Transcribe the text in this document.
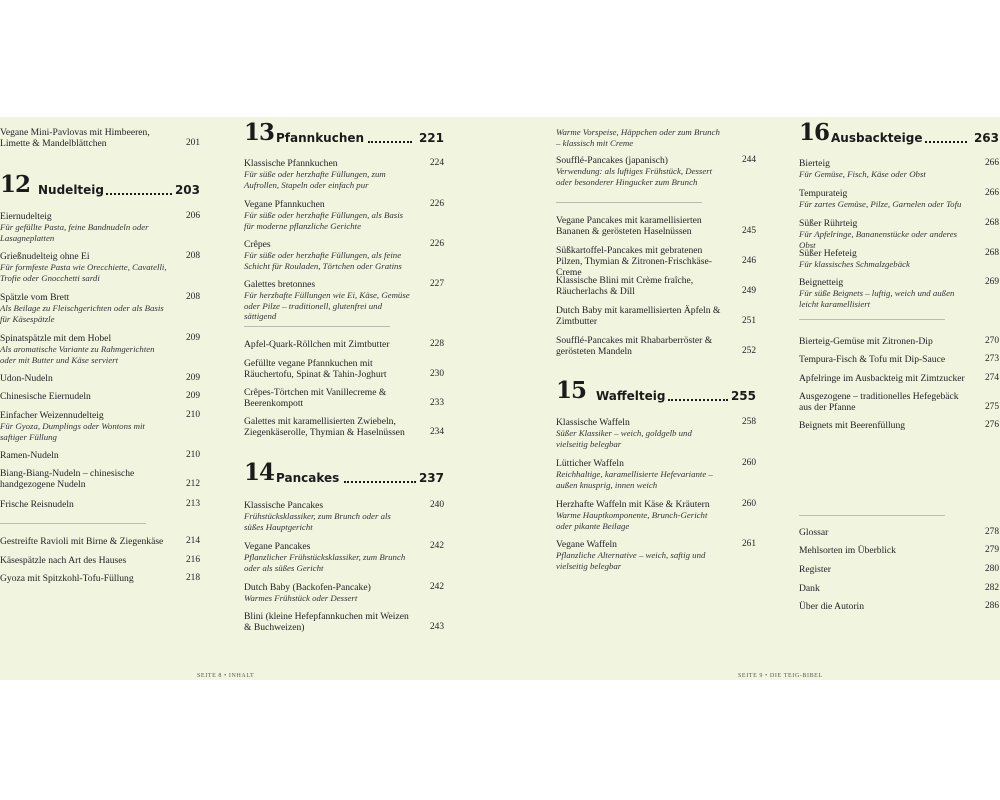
Vegane Mini-Pavlovas mit Himbeeren, Limette & Mandelblättchen	201
12 Nudelteig	203
Eiernudelteig
Für gefüllte Pasta, feine Bandnudeln oder Lasagneplatten
206
Grießnudelteig ohne Ei
Für formfeste Pasta wie Orecchiette, Cavatelli, Trofie oder Gnocchetti sardi
208
Spätzle vom Brett
Als Beilage zu Fleischgerichten oder als Basis für Käsespätzle
208
Spinatspätzle mit dem Hobel
Als aromatische Variante zu Rahmgerichten oder mit Butter und Käse serviert
209
Udon-Nudeln	209
Chinesische Eiernudeln	209
Einfacher Weizennudelteig
Für Gyoza, Dumplings oder Wontons mit saftiger Füllung
210
Ramen-Nudeln	210
Biang-Biang-Nudeln – chinesische handgezogene Nudeln	212
Frische Reisnudeln	213
Gestreifte Ravioli mit Birne & Ziegenkäse	214
Käsespätzle nach Art des Hauses	216
Gyoza mit Spitzkohl-Tofu-Füllung	218
SEITE 8 • INHALT
13 Pfannkuchen	221
Klassische Pfannkuchen
Für süße oder herzhafte Füllungen, zum Aufrollen, Stapeln oder einfach pur
224
Vegane Pfannkuchen
Für süße oder herzhafte Füllungen, als Basis für moderne pflanzliche Gerichte
226
Crêpes
Für süße oder herzhafte Füllungen, als feine Schicht für Rouladen, Törtchen oder Gratins
226
Galettes bretonnes
Für herzhafte Füllungen wie Ei, Käse, Gemüse oder Pilze – traditionell, glutenfrei und sättigend
227
Apfel-Quark-Röllchen mit Zimtbutter	228
Gefüllte vegane Pfannkuchen mit Räuchertofu, Spinat & Tahin-Joghurt	230
Crêpes-Törtchen mit Vanillecreme & Beerenkompott	233
Galettes mit karamellisierten Zwiebeln, Ziegenkäserolle, Thymian & Haselnüssen	234
14 Pancakes	237
Klassische Pancakes
Frühstücksklassiker, zum Brunch oder als süßes Hauptgericht
240
Vegane Pancakes
Pflanzlicher Frühstücksklassiker, zum Brunch oder als süßes Gericht
242
Dutch Baby (Backofen-Pancake)
Warmes Frühstück oder Dessert
242
Blini (kleine Hefepfannkuchen mit Weizen & Buchweizen)	243
Warme Vorspeise, Häppchen oder zum Brunch – klassisch mit Creme
Soufflé-Pancakes (japanisch)
Verwendung: als luftiges Frühstück, Dessert oder besonderer Hingucker zum Brunch
244
Vegane Pancakes mit karamellisierten Bananen & gerösteten Haselnüssen	245
Süßkartoffel-Pancakes mit gebratenen Pilzen, Thymian & Zitronen-Frischkäse-Creme
246
Klassische Blini mit Crème fraîche, Räucherlachs & Dill	249
Dutch Baby mit karamellisierten Äpfeln & Zimtbutter	251
Soufflé-Pancakes mit Rhabarberröster & gerösteten Mandeln	252
15 Waffelteig	255
Klassische Waffeln
Süßer Klassiker – weich, goldgelb und vielseitig belegbar
258
Lütticher Waffeln
Reichhaltige, karamellisierte Hefevariante – außen knusprig, innen weich
260
Herzhafte Waffeln mit Käse & Kräutern
Warme Hauptkomponente, Brunch-Gericht oder pikante Beilage
260
Vegane Waffeln
Pflanzliche Alternative – weich, saftig und vielseitig belegbar
261
SEITE 9 • DIE TEIG-BIBEL
16 Ausbackteige	263
Bierteig
Für Gemüse, Fisch, Käse oder Obst
266
Tempurateig
Für zartes Gemüse, Pilze, Garnelen oder Tofu
266
Süßer Rührteig
Für Apfelringe, Bananenstücke oder anderes Obst
268
Süßer Hefeteig
Für klassisches Schmalzgebäck
268
Beignetteig
Für süße Beignets – luftig, weich und außen leicht karamellisiert
269
Bierteig-Gemüse mit Zitronen-Dip	270
Tempura-Fisch & Tofu mit Dip-Sauce	273
Apfelringe im Ausbackteig mit Zimtzucker	274
Ausgezogene – traditionelles Hefegebäck aus der Pfanne	275
Beignets mit Beerenfüllung	276
Glossar	278
Mehlsorten im Überblick	279
Register	280
Dank	282
Über die Autorin	286
